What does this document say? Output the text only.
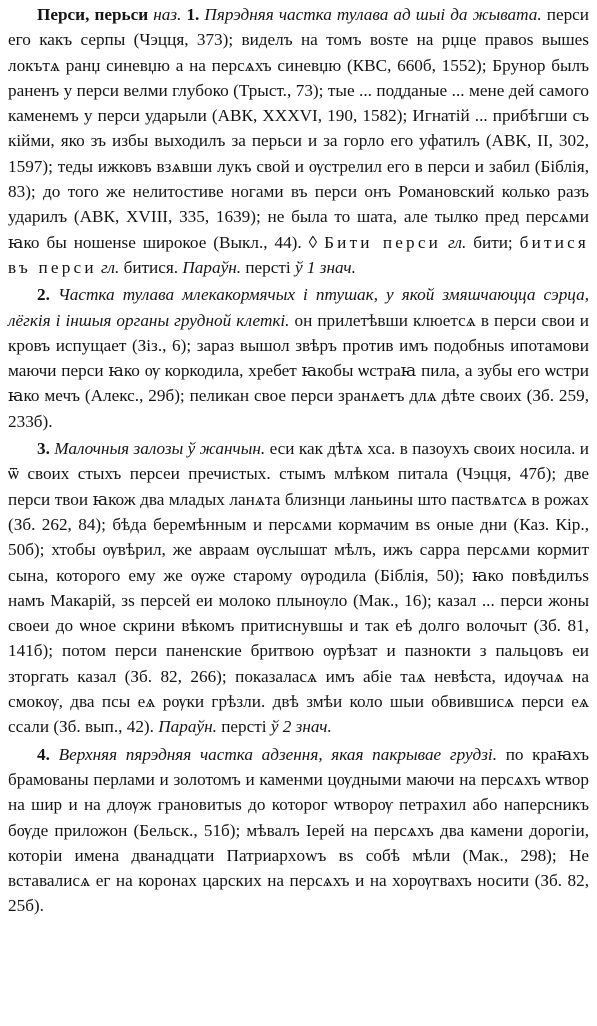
Перси, перьси наз. 1. Пярэдняя частка тулава ад шыі да жывата. перси его какъ серпы (Чэцця, 373); виделъ на томъ воsте на рџце правоs вышеs локътѧ ранџ синевџю а на персѧхъ синевџю (КВС, 660б, 1552); Брунор былъ раненъ у перси велми глубоко (Трыст., 73); тые ... подданые ... мене дей самого каменемъ у перси ударыли (АВК, XXXVI, 190, 1582); Игнатій ... прибѣгши съ кійми, яко зъ избы выходилъ за перьси и за горло его уфатилъ (АВК, II, 302, 1597); теды ижковъ взѧвши лукъ свой и ѹстрелил его в перси и забил (Біблія, 83); до того же нелитостиве ногами въ перси онъ Романовский колько разъ ударилъ (АВК, XVIII, 335, 1639); не была то шата, але тылко пред персѧми ꙗко бы ношенsе широкое (Выкл., 44). ◊ Бити перси гл. бити; битися въ перси гл. битися. Параўн. перстi ў 1 знач.

2. Частка тулава млекакормячых і птушак, у якой змяшчаюцца сэрца, лёгкія і іншыя органы груднoй клеткі. он прилетѣвши клюетсѧ в перси свои и кровъ испущает (Зіз., 6); зараз вышол звѣръ против имъ подобныs ипотамови маючи перси ꙗко ѹ коркодила, хребет ꙗкобы ѡстраꙗ пила, а зубы его ѡстри ꙗко мечъ (Алекс., 29б); пеликан свое перси зранѧетъ длѧ дѣте своих (Зб. 259, 233б).

3. Малочныя залозы ў жанчын. еси как дѣтѧ хса. в пазоухъ своих носила. и ѿ своих стыхъ персеи пречистых. стымъ млѣком питала (Чэцця, 47б); две перси твои ꙗкож два младых ланѧта близнци ланьины што паствѧтсѧ в рожах (Зб. 262, 84); бѣда беремѣнным и персѧми кормачим вs оные дни (Каз. Кір., 50б); хтобы ѹвѣрил, же авраам ѹслышат мѣлъ, ижъ сарра персѧми кормит сына, которого ему же ѹже старому ѹродила (Біблія, 50); ꙗко повѣдилъs намъ Макарій, зs персей еи молоко плынѹло (Мак., 16); казал ... перси жоны своеи до ѡное скрини вѣкомъ притиснувшы и так еѣ долго волочыт (Зб. 81, 141б); потом перси паненские бритвою ѹрѣзат и пазнокти з пальцовъ еи зторгать казал (Зб. 82, 266); показаласѧ имъ абіе таѧ невѣста, идѹчаѧ на смокѹ, два псы еѧ рѹки грѣзли. двѣ змѣи коло шыи обвившисѧ перси еѧ ссали (Зб. вып., 42). Параўн. перстi ў 2 знач.

4. Верхняя пярэдняя частка адзення, якая пакрывае грудзі. по краꙗхъ брамованы перлами и золотомъ и каменми цѹдными маючи на персѧхъ ѡтвор на шир и на длѹж грановитыs до которог ѡтворѹ петрахил або наперсникъ бѹде приложон (Бельск., 51б); мѣвалъ Іерей на персѧхъ два камени дорогіи, которіи имена дванадцати Патриархowъ вs собѣ мѣли (Мак., 298); Не вставалисѧ ег на коронах царских на персѧхъ и на хорѹгвахъ носити (Зб. 82, 25б).
